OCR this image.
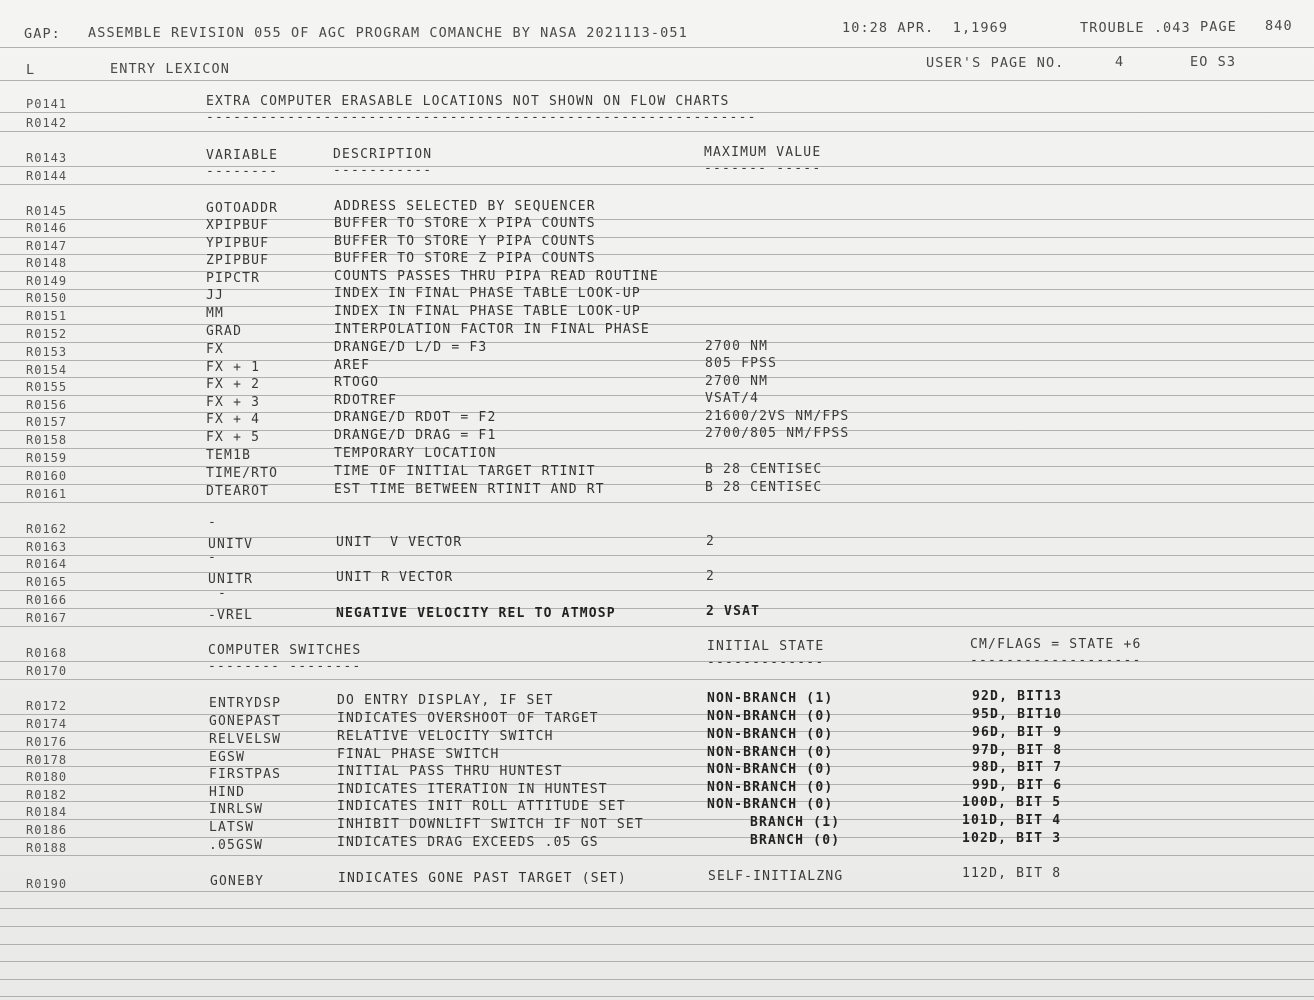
GAP: ASSEMBLE REVISION 055 OF AGC PROGRAM COMANCHE BY NASA 2021113-051	10:28 APR.  1,1969	TROUBLE .043 PAGE 840
L	ENTRY LEXICON	USER'S PAGE NO.	4	EO S3
P0141	EXTRA COMPUTER ERASABLE LOCATIONS NOT SHOWN ON FLOW CHARTS
R0142	-------------------------------------------------------------
R0143	VARIABLE	DESCRIPTION	MAXIMUM VALUE
R0144	--------	-----------	------- -----
R0145	GOTOADDR	ADDRESS SELECTED BY SEQUENCER
R0146	XPIPBUF	BUFFER TO STORE X PIPA COUNTS
R0147	YPIPBUF	BUFFER TO STORE Y PIPA COUNTS
R0148	ZPIPBUF	BUFFER TO STORE Z PIPA COUNTS
R0149	PIPCTR	COUNTS PASSES THRU PIPA READ ROUTINE
R0150	JJ	INDEX IN FINAL PHASE TABLE LOOK-UP
R0151	MM	INDEX IN FINAL PHASE TABLE LOOK-UP
R0152	GRAD	INTERPOLATION FACTOR IN FINAL PHASE
R0153	FX	DRANGE/D L/D = F3	2700 NM
R0154	FX + 1	AREF	805 FPSS
R0155	FX + 2	RTOGO	2700 NM
R0156	FX + 3	RDOTREF	VSAT/4
R0157	FX + 4	DRANGE/D RDOT = F2	21600/2VS NM/FPS
R0158	FX + 5	DRANGE/D DRAG = F1	2700/805 NM/FPSS
R0159	TEM1B	TEMPORARY LOCATION
R0160	TIME/RTO	TIME OF INITIAL TARGET RTINIT	B 28 CENTISEC
R0161	DTEAROT	EST TIME BETWEEN RTINIT AND RT	B 28 CENTISEC
R0162	-
R0163	UNITV	UNIT  V VECTOR	2
R0164	-
R0165	UNITR	UNIT R VECTOR	2
R0166	-
R0167	-VREL	NEGATIVE VELOCITY REL TO ATMOSP	2 VSAT
R0168	COMPUTER SWITCHES	INITIAL STATE	CM/FLAGS = STATE +6
R0170	-------- --------	-------------	-------------------
R0172	ENTRYDSP	DO ENTRY DISPLAY, IF SET	NON-BRANCH (1)	92D, BIT13
R0174	GONEPAST	INDICATES OVERSHOOT OF TARGET	NON-BRANCH (0)	95D, BIT10
R0176	RELVELSW	RELATIVE VELOCITY SWITCH	NON-BRANCH (0)	96D, BIT 9
R0178	EGSW	FINAL PHASE SWITCH	NON-BRANCH (0)	97D, BIT 8
R0180	FIRSTPAS	INITIAL PASS THRU HUNTEST	NON-BRANCH (0)	98D, BIT 7
R0182	HIND	INDICATES ITERATION IN HUNTEST	NON-BRANCH (0)	99D, BIT 6
R0184	INRLSW	INDICATES INIT ROLL ATTITUDE SET	NON-BRANCH (0)	100D, BIT 5
R0186	LATSW	INHIBIT DOWNLIFT SWITCH IF NOT SET	BRANCH (1)	101D, BIT 4
R0188	.05GSW	INDICATES DRAG EXCEEDS .05 GS	BRANCH (0)	102D, BIT 3
R0190	GONEBY	INDICATES GONE PAST TARGET (SET)	SELF-INITIALZNG	112D, BIT 8
